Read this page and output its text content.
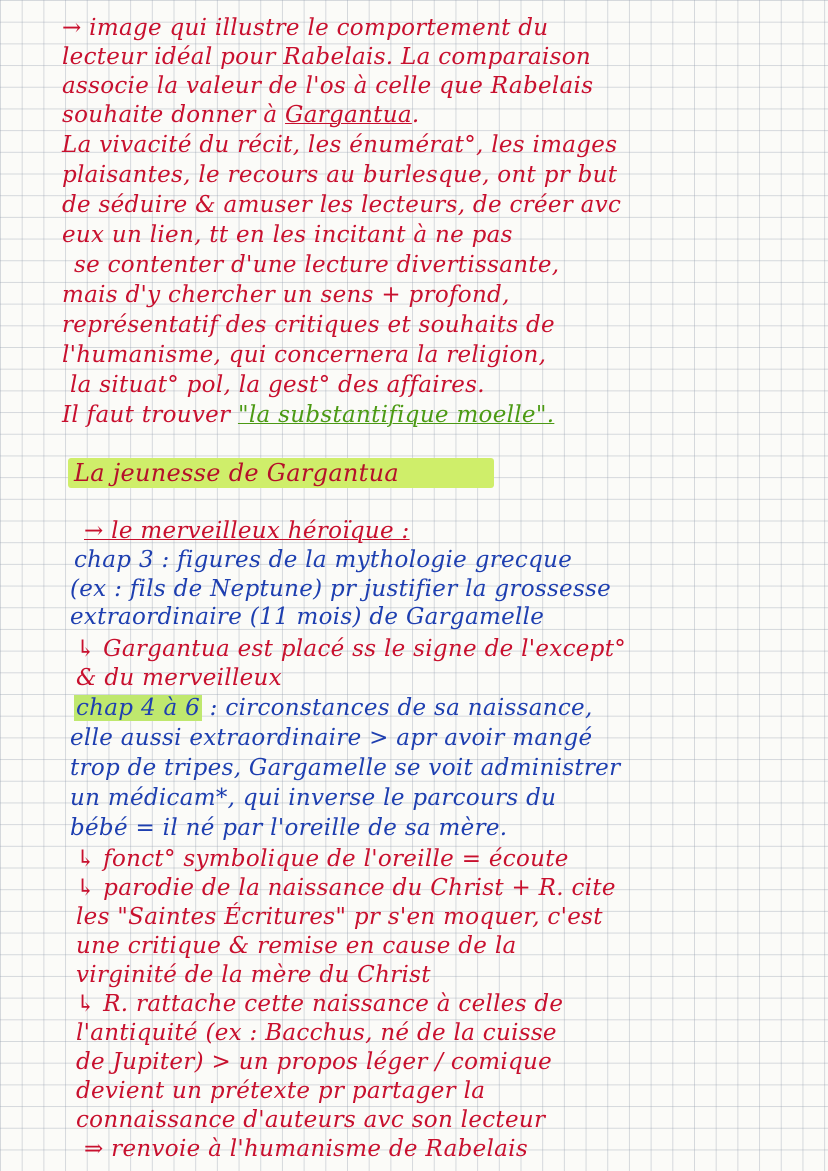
→ image qui illustre le comportement du
lecteur idéal pour Rabelais. La comparaison
associe la valeur de l'os à celle que Rabelais
souhaite donner à Gargantua.
La vivacité du récit, les énumérat°, les images
plaisantes, le recours au burlesque, ont pr but
de séduire & amuser les lecteurs, de créer avc
eux un lien, tt en les incitant à ne pas
se contenter d'une lecture divertissante,
mais d'y chercher un sens + profond,
représentatif des critiques et souhaits de
l'humanisme, qui concernera la religion,
la situat° pol, la gest° des affaires.
Il faut trouver "la substantifique moelle".
La jeunesse de Gargantua
→ le merveilleux héroïque :
chap 3 : figures de la mythologie grecque
(ex : fils de Neptune) pr justifier la grossesse
extraordinaire (11 mois) de Gargamelle
↳ Gargantua est placé ss le signe de l'except°
& du merveilleux
chap 4 à 6 : circonstances de sa naissance,
elle aussi extraordinaire > apr avoir mangé
trop de tripes, Gargamelle se voit administrer
un médicam*, qui inverse le parcours du
bébé = il né par l'oreille de sa mère.
↳ fonct° symbolique de l'oreille = écoute
↳ parodie de la naissance du Christ + R. cite
les "Saintes Écritures" pr s'en moquer, c'est
une critique & remise en cause de la
virginité de la mère du Christ
↳ R. rattache cette naissance à celles de
l'antiquité (ex : Bacchus, né de la cuisse
de Jupiter) > un propos léger / comique
devient un prétexte pr partager la
connaissance d'auteurs avc son lecteur
⇒ renvoie à l'humanisme de Rabelais
